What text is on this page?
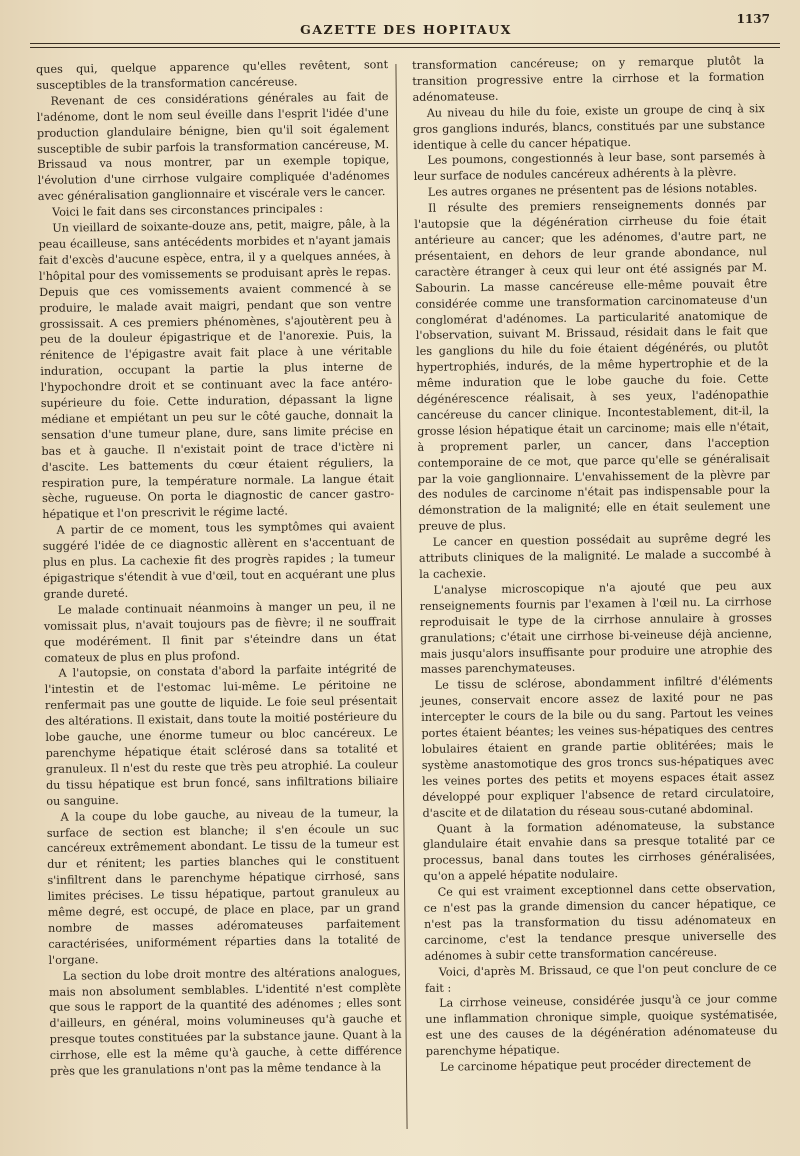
GAZETTE DES HOPITAUX
1137

ques qui, quelque apparence qu'elles revêtent, sont susceptibles de la transformation cancéreuse.

Revenant de ces considérations générales au fait de l'adénome, dont le nom seul éveille dans l'esprit l'idée d'une production glandulaire bénigne, bien qu'il soit également susceptible de subir parfois la transformation cancéreuse, M. Brissaud va nous montrer, par un exemple topique, l'évolution d'une cirrhose vulgaire compliquée d'adénomes avec généralisation ganglionnaire et viscérale vers le cancer.

Voici le fait dans ses circonstances principales :

Un vieillard de soixante-douze ans, petit, maigre, pâle, à la peau écailleuse, sans antécédents morbides et n'ayant jamais fait d'excès d'aucune espèce, entra, il y a quelques années, à l'hôpital pour des vomissements se produisant après le repas. Depuis que ces vomissements avaient commencé à se produire, le malade avait maigri, pendant que son ventre grossissait. A ces premiers phénomènes, s'ajoutèrent peu à peu de la douleur épigastrique et de l'anorexie. Puis, la rénitence de l'épigastre avait fait place à une véritable induration, occupant la partie la plus interne de l'hypochondre droit et se continuant avec la face antéro-supérieure du foie. Cette induration, dépassant la ligne médiane et empiétant un peu sur le côté gauche, donnait la sensation d'une tumeur plane, dure, sans limite précise en bas et à gauche. Il n'existait point de trace d'ictère ni d'ascite. Les battements du cœur étaient réguliers, la respiration pure, la température normale. La langue était sèche, rugueuse. On porta le diagnostic de cancer gastro-hépatique et l'on prescrivit le régime lacté.

A partir de ce moment, tous les symptômes qui avaient suggéré l'idée de ce diagnostic allèrent en s'accentuant de plus en plus. La cachexie fit des progrès rapides ; la tumeur épigastrique s'étendit à vue d'œil, tout en acquérant une plus grande dureté.

Le malade continuait néanmoins à manger un peu, il ne vomissait plus, n'avait toujours pas de fièvre; il ne souffrait que modérément. Il finit par s'éteindre dans un état comateux de plus en plus profond.

A l'autopsie, on constata d'abord la parfaite intégrité de l'intestin et de l'estomac lui-même. Le péritoine ne renfermait pas une goutte de liquide. Le foie seul présentait des altérations. Il existait, dans toute la moitié postérieure du lobe gauche, une énorme tumeur ou bloc cancéreux. Le parenchyme hépatique était sclérosé dans sa totalité et granuleux. Il n'est du reste que très peu atrophié. La couleur du tissu hépatique est brun foncé, sans infiltrations biliaire ou sanguine.

A la coupe du lobe gauche, au niveau de la tumeur, la surface de section est blanche; il s'en écoule un suc cancéreux extrêmement abondant. Le tissu de la tumeur est dur et rénitent; les parties blanches qui le constituent s'infiltrent dans le parenchyme hépatique cirrhosé, sans limites précises. Le tissu hépatique, partout granuleux au même degré, est occupé, de place en place, par un grand nombre de masses adéromateuses parfaitement caractérisées, uniformément réparties dans la totalité de l'organe.

La section du lobe droit montre des altérations analogues, mais non absolument semblables. L'identité n'est complète que sous le rapport de la quantité des adénomes ; elles sont d'ailleurs, en général, moins volumineuses qu'à gauche et presque toutes constituées par la substance jaune. Quant à la cirrhose, elle est la même qu'à gauche, à cette différence près que les granulations n'ont pas la même tendance à la

transformation cancéreuse; on y remarque plutôt la transition progressive entre la cirrhose et la formation adénomateuse.

Au niveau du hile du foie, existe un groupe de cinq à six gros ganglions indurés, blancs, constitués par une substance identique à celle du cancer hépatique.

Les poumons, congestionnés à leur base, sont parsemés à leur surface de nodules cancéreux adhérents à la plèvre.

Les autres organes ne présentent pas de lésions notables.

Il résulte des premiers renseignements donnés par l'autopsie que la dégénération cirrheuse du foie était antérieure au cancer; que les adénomes, d'autre part, ne présentaient, en dehors de leur grande abondance, nul caractère étranger à ceux qui leur ont été assignés par M. Sabourin. La masse cancéreuse elle-même pouvait être considérée comme une transformation carcinomateuse d'un conglomérat d'adénomes. La particularité anatomique de l'observation, suivant M. Brissaud, résidait dans le fait que les ganglions du hile du foie étaient dégénérés, ou plutôt hypertrophiés, indurés, de la même hypertrophie et de la même induration que le lobe gauche du foie. Cette dégénérescence réalisait, à ses yeux, l'adénopathie cancéreuse du cancer clinique. Incontestablement, dit-il, la grosse lésion hépatique était un carcinome; mais elle n'était, à proprement parler, un cancer, dans l'acception contemporaine de ce mot, que parce qu'elle se généralisait par la voie ganglionnaire. L'envahissement de la plèvre par des nodules de carcinome n'était pas indispensable pour la démonstration de la malignité; elle en était seulement une preuve de plus.

Le cancer en question possédait au suprême degré les attributs cliniques de la malignité. Le malade a succombé à la cachexie.

L'analyse microscopique n'a ajouté que peu aux renseignements fournis par l'examen à l'œil nu. La cirrhose reproduisait le type de la cirrhose annulaire à grosses granulations; c'était une cirrhose bi-veineuse déjà ancienne, mais jusqu'alors insuffisante pour produire une atrophie des masses parenchymateuses.

Le tissu de sclérose, abondamment infiltré d'éléments jeunes, conservait encore assez de laxité pour ne pas intercepter le cours de la bile ou du sang. Partout les veines portes étaient béantes; les veines sus-hépatiques des centres lobulaires étaient en grande partie oblitérées; mais le système anastomotique des gros troncs sus-hépatiques avec les veines portes des petits et moyens espaces était assez développé pour expliquer l'absence de retard circulatoire, d'ascite et de dilatation du réseau sous-cutané abdominal.

Quant à la formation adénomateuse, la substance glandulaire était envahie dans sa presque totalité par ce processus, banal dans toutes les cirrhoses généralisées, qu'on a appelé hépatite nodulaire.

Ce qui est vraiment exceptionnel dans cette observation, ce n'est pas la grande dimension du cancer hépatique, ce n'est pas la transformation du tissu adénomateux en carcinome, c'est la tendance presque universelle des adénomes à subir cette transformation cancéreuse.

Voici, d'après M. Brissaud, ce que l'on peut conclure de ce fait :

La cirrhose veineuse, considérée jusqu'à ce jour comme une inflammation chronique simple, quoique systématisée, est une des causes de la dégénération adénomateuse du parenchyme hépatique.

Le carcinome hépatique peut procéder directement de
